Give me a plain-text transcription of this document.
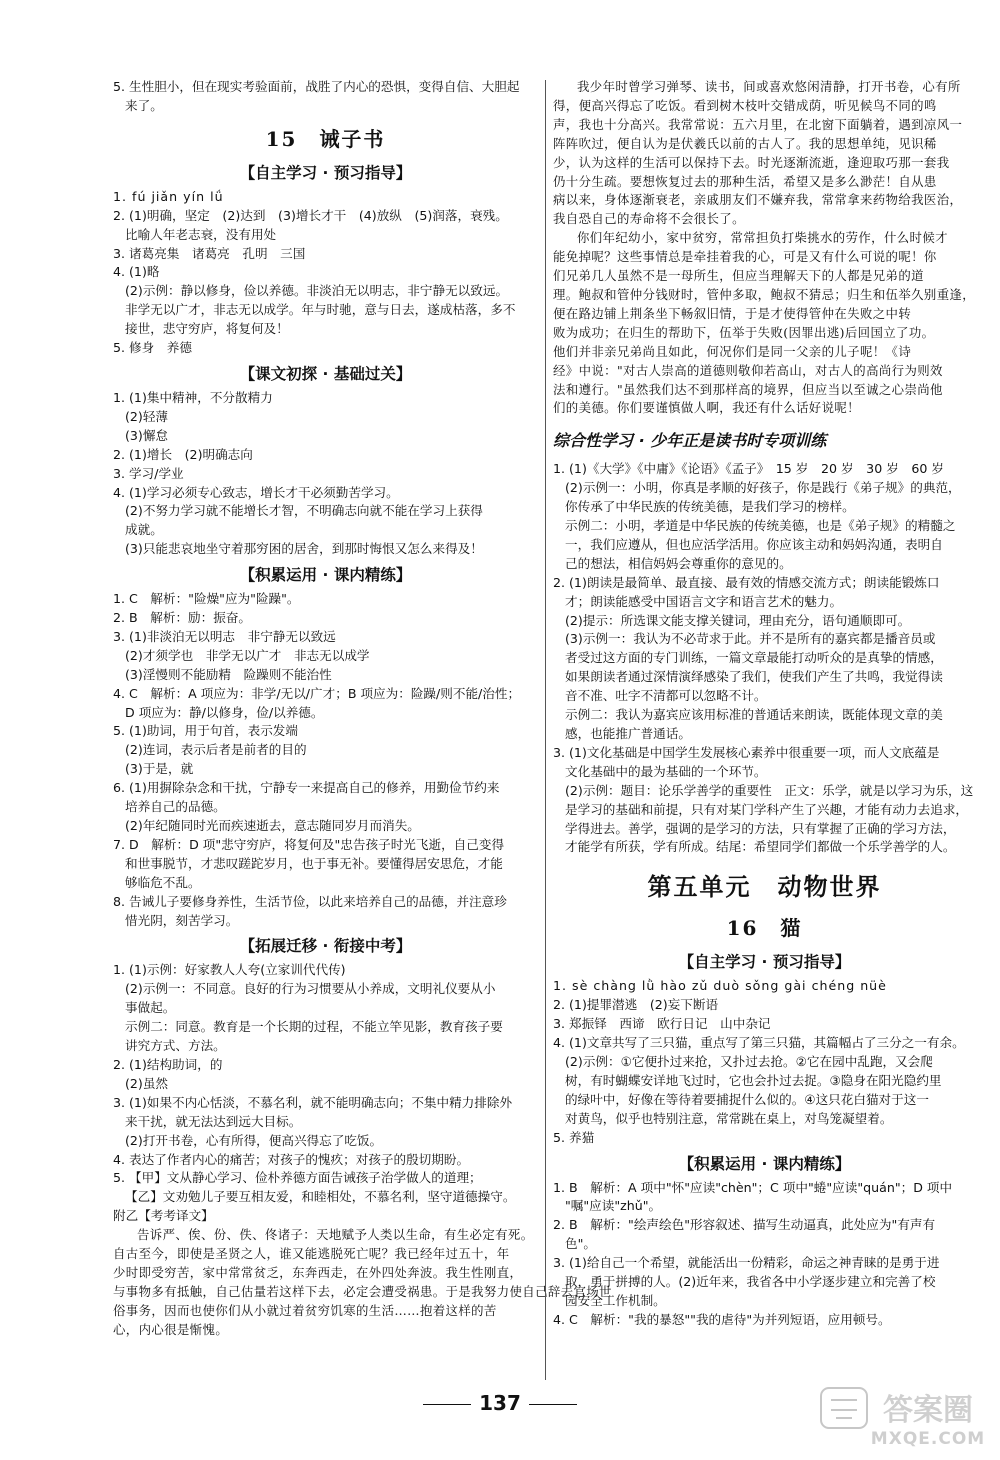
5. 生性胆小，但在现实考验面前，战胜了内心的恐惧，变得自信、大胆起
来了。
15　诫子书
【自主学习 · 预习指导】
1. fú jiǎn yín lǘ
2. (1)明确，坚定　(2)达到　(3)增长才干　(4)放纵　(5)润落，衰残。
比喻人年老志衰，没有用处
3. 诸葛亮集　诸葛亮　孔明　三国
4. (1)略
(2)示例：静以修身，俭以养德。非淡泊无以明志，非宁静无以致远。
非学无以广才，非志无以成学。年与时驰，意与日去，遂成枯落，多不
接世，悲守穷庐，将复何及！
5. 修身　养德
【课文初探 · 基础过关】
1. (1)集中精神，不分散精力
(2)轻薄
(3)懈怠
2. (1)增长　(2)明确志向
3. 学习/学业
4. (1)学习必须专心致志，增长才干必须勤苦学习。
(2)不努力学习就不能增长才智，不明确志向就不能在学习上获得
成就。
(3)只能悲哀地坐守着那穷困的居舍，到那时悔恨又怎么来得及！
【积累运用 · 课内精练】
1. C　解析："险燥"应为"险躁"。
2. B　解析：励：振奋。
3. (1)非淡泊无以明志　非宁静无以致远
(2)才须学也　非学无以广才　非志无以成学
(3)淫慢则不能励精　险躁则不能治性
4. C　解析：A 项应为：非学/无以/广才；B 项应为：险躁/则不能/治性；
D 项应为：静/以修身，俭/以养德。
5. (1)助词，用于句首，表示发端
(2)连词，表示后者是前者的目的
(3)于是，就
6. (1)用摒除杂念和干扰，宁静专一来提高自己的修养，用勤俭节约来
培养自己的品德。
(2)年纪随同时光而疾速逝去，意志随同岁月而消失。
7. D　解析：D 项"悲守穷庐，将复何及"忠告孩子时光飞逝，自己变得
和世事脱节，才悲叹蹉跎岁月，也于事无补。要懂得居安思危，才能
够临危不乱。
8. 告诫儿子要修身养性，生活节俭，以此来培养自己的品德，并注意珍
惜光阴，刻苦学习。
【拓展迁移 · 衔接中考】
1. (1)示例：好家教人人夸(立家训代代传)
(2)示例一：不同意。良好的行为习惯要从小养成，文明礼仪要从小
事做起。
示例二：同意。教育是一个长期的过程，不能立竿见影，教育孩子要
讲究方式、方法。
2. (1)结构助词，的
(2)虽然
3. (1)如果不内心恬淡，不慕名利，就不能明确志向；不集中精力排除外
来干扰，就无法达到远大目标。
(2)打开书卷，心有所得，便高兴得忘了吃饭。
4. 表达了作者内心的痛苦；对孩子的愧疚；对孩子的殷切期盼。
5. 【甲】文从静心学习、俭朴养德方面告诫孩子治学做人的道理；
【乙】文劝勉儿子要互相友爱，和睦相处，不慕名利，坚守道德操守。
附乙【考考译文】
告诉严、俟、份、佚、佟诸子：天地赋予人类以生命，有生必定有死。
自古至今，即使是圣贤之人，谁又能逃脱死亡呢？我已经年过五十，年
少时即受穷苦，家中常常贫乏，东奔西走，在外四处奔波。我生性刚直，
与事物多有抵触，自己估量若这样下去，必定会遭受祸患。于是我努力使自己辞去官场世
俗事务，因而也使你们从小就过着贫穷饥寒的生活……抱着这样的苦
心，内心很是惭愧。
我少年时曾学习弹琴、读书，间或喜欢悠闲清静，打开书卷，心有所
得，便高兴得忘了吃饭。看到树木枝叶交错成荫，听见候鸟不同的鸣
声，我也十分高兴。我常常说：五六月里，在北窗下面躺着，遇到凉风一
阵阵吹过，便自认为是伏羲氏以前的古人了。我的思想单纯，见识稀
少，认为这样的生活可以保持下去。时光逐渐流逝，逢迎取巧那一套我
仍十分生疏。要想恢复过去的那种生活，希望又是多么渺茫！自从患
病以来，身体逐渐衰老，亲戚朋友们不嫌弃我，常常拿来药物给我医治，
我自恐自己的寿命将不会很长了。
你们年纪幼小，家中贫穷，常常担负打柴挑水的劳作，什么时候才
能免掉呢？这些事情总是牵挂着我的心，可是又有什么可说的呢！你
们兄弟几人虽然不是一母所生，但应当理解天下的人都是兄弟的道
理。鲍叔和管仲分钱财时，管仲多取，鲍叔不猜忌；归生和伍举久别重逢，
便在路边铺上荆条坐下畅叙旧情，于是才使得管仲在失败之中转
败为成功；在归生的帮助下，伍举于失败(因罪出逃)后回国立了功。
他们并非亲兄弟尚且如此，何况你们是同一父亲的儿子呢！《诗
经》中说："对古人崇高的道德则敬仰若高山，对古人的高尚行为则效
法和遵行。"虽然我们达不到那样高的境界，但应当以至诚之心崇尚他
们的美德。你们要谨慎做人啊，我还有什么话好说呢！
综合性学习 · 少年正是读书时专项训练
1. (1)《大学》《中庸》《论语》《孟子》　15 岁　20 岁　30 岁　60 岁
(2)示例一：小明，你真是孝顺的好孩子，你是践行《弟子规》的典范，
你传承了中华民族的传统美德，是我们学习的榜样。
示例二：小明，孝道是中华民族的传统美德，也是《弟子规》的精髓之
一，我们应遵从，但也应活学活用。你应该主动和妈妈沟通，表明自
己的想法，相信妈妈会尊重你的意见的。
2. (1)朗读是最简单、最直接、最有效的情感交流方式；朗读能锻炼口
才；朗读能感受中国语言文字和语言艺术的魅力。
(2)提示：所选课文能支撑关键词，理由充分，语句通顺即可。
(3)示例一：我认为不必苛求于此。并不是所有的嘉宾都是播音员或
者受过这方面的专门训练，一篇文章最能打动听众的是真挚的情感，
如果朗读者通过深情演绎感染了我们，使我们产生了共鸣，我觉得读
音不准、吐字不清都可以忽略不计。
示例二：我认为嘉宾应该用标准的普通话来朗读，既能体现文章的美
感，也能推广普通话。
3. (1)文化基础是中国学生发展核心素养中很重要一项，而人文底蕴是
文化基础中的最为基础的一个环节。
(2)示例：题目：论乐学善学的重要性　正文：乐学，就是以学习为乐，这
是学习的基础和前提，只有对某门学科产生了兴趣，才能有动力去追求，
学得进去。善学，强调的是学习的方法，只有掌握了正确的学习方法，
才能学有所获，学有所成。结尾：希望同学们都做一个乐学善学的人。
第五单元　动物世界
16　猫
【自主学习 · 预习指导】
1. sè chàng lǜ hào zǔ duò sǒng gài chéng nüè
2. (1)提罪潜逃　(2)妄下断语
3. 郑振铎　西谛　欧行日记　山中杂记
4. (1)文章共写了三只猫，重点写了第三只猫，其篇幅占了三分之一有余。
(2)示例：①它便扑过来抢，又扑过去抢。②它在园中乱跑，又会爬
树，有时蝴蝶安详地飞过时，它也会扑过去捉。③隐身在阳光隐约里
的绿叶中，好像在等待着要捕捉什么似的。④这只花白猫对于这一
对黄鸟，似乎也特别注意，常常跳在桌上，对鸟笼凝望着。
5. 养猫
【积累运用 · 课内精练】
1. B　解析：A 项中"怀"应读"chèn"；C 项中"蜷"应读"quán"；D 项中
"嘱"应读"zhǔ"。
2. B　解析："绘声绘色"形容叙述、描写生动逼真，此处应为"有声有
色"。
3. (1)给自己一个希望，就能活出一份精彩，命运之神青睐的是勇于进
取，勇于拼搏的人。(2)近年来，我省各中小学逐步建立和完善了校
园安全工作机制。
4. C　解析："我的暴怒""我的虐待"为并列短语，应用顿号。
137	答案圈
MXQE.COM
